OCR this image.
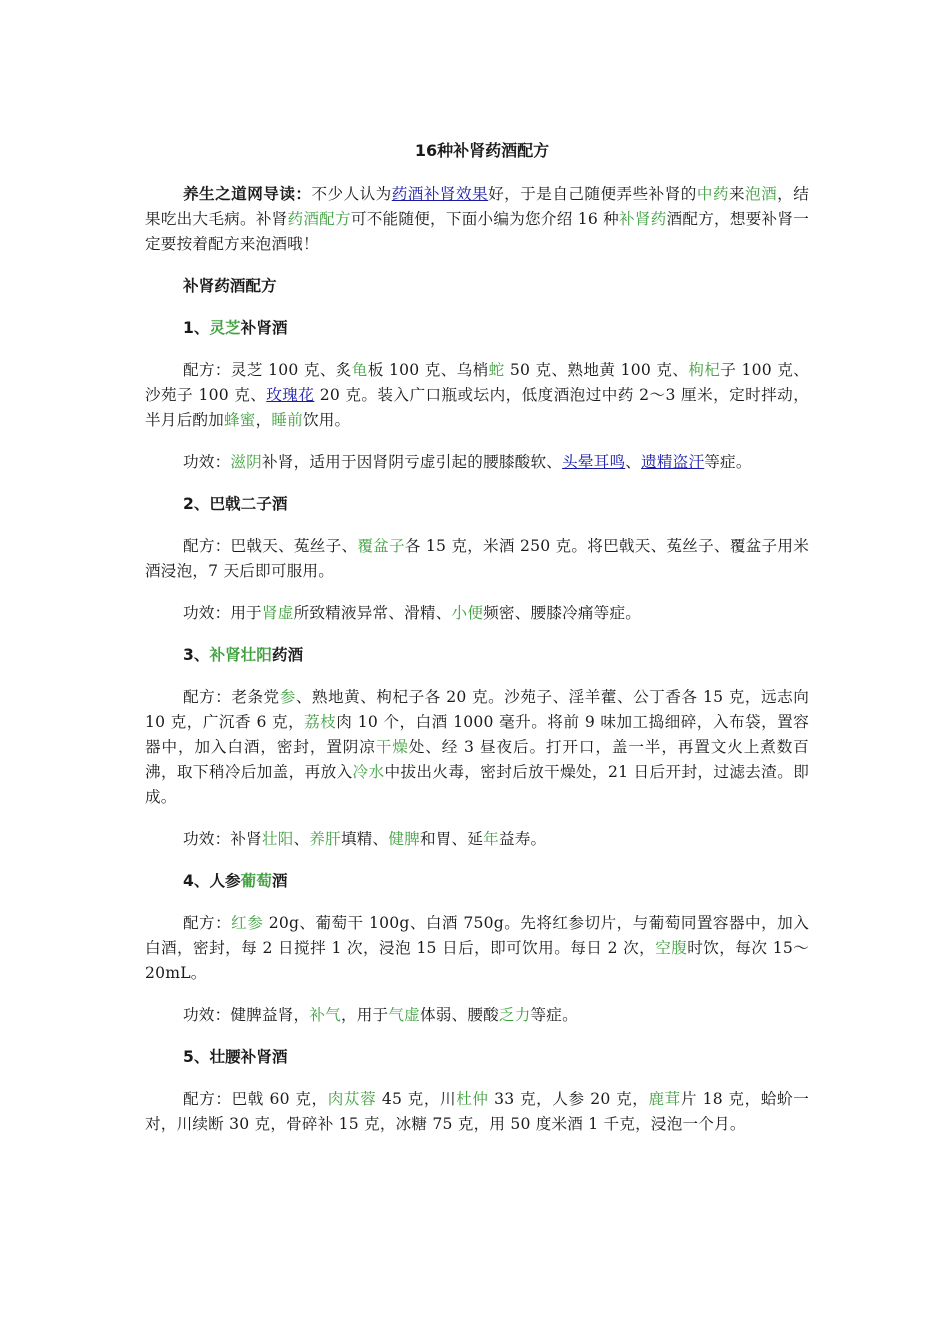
16种补肾药酒配方

养生之道网导读：不少人认为药酒补肾效果好，于是自己随便弄些补肾的中药来泡酒，结果吃出大毛病。补肾药酒配方可不能随便，下面小编为您介绍 16 种补肾药酒配方，想要补肾一定要按着配方来泡酒哦！

补肾药酒配方
1、灵芝补肾酒

配方：灵芝 100 克、炙龟板 100 克、乌梢蛇 50 克、熟地黄 100 克、枸杞子 100 克、沙苑子 100 克、玫瑰花 20 克。装入广口瓶或坛内，低度酒泡过中药 2～3 厘米，定时拌动，半月后酌加蜂蜜，睡前饮用。

功效：滋阴补肾，适用于因肾阴亏虚引起的腰膝酸软、头晕耳鸣、遗精盗汗等症。

2、巴戟二子酒

配方：巴戟天、菟丝子、覆盆子各 15 克，米酒 250 克。将巴戟天、菟丝子、覆盆子用米酒浸泡，7 天后即可服用。

功效：用于肾虚所致精液异常、滑精、小便频密、腰膝冷痛等症。

3、补肾壮阳药酒

配方：老条党参、熟地黄、枸杞子各 20 克。沙苑子、淫羊藿、公丁香各 15 克，远志向 10 克，广沉香 6 克，荔枝肉 10 个，白酒 1000 毫升。将前 9 味加工捣细碎，入布袋，置容器中，加入白酒，密封，置阴凉干燥处、经 3 昼夜后。打开口，盖一半，再置文火上煮数百沸，取下稍冷后加盖，再放入冷水中拔出火毒，密封后放干燥处，21 日后开封，过滤去渣。即成。

功效：补肾壮阳、养肝填精、健脾和胃、延年益寿。

4、人参葡萄酒

配方：红参 20g、葡萄干 100g、白酒 750g。先将红参切片，与葡萄同置容器中，加入白酒，密封，每 2 日搅拌 1 次，浸泡 15 日后，即可饮用。每日 2 次，空腹时饮，每次 15～20mL。

功效：健脾益肾，补气，用于气虚体弱、腰酸乏力等症。

5、壮腰补肾酒

配方：巴戟 60 克，肉苁蓉 45 克，川杜仲 33 克，人参 20 克，鹿茸片 18 克，蛤蚧一对，川续断 30 克，骨碎补 15 克，冰糖 75 克，用 50 度米酒 1 千克，浸泡一个月。
